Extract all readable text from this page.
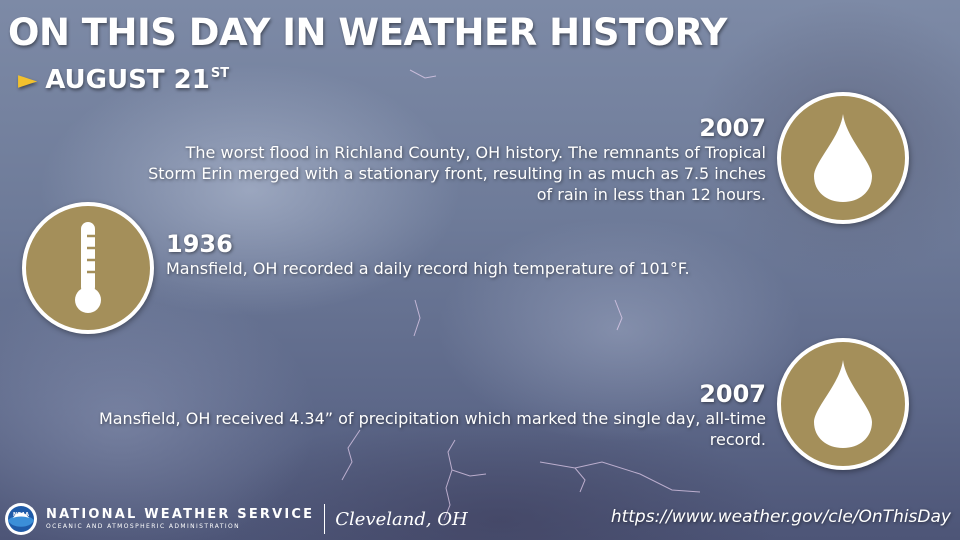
ON THIS DAY IN WEATHER HISTORY
► AUGUST 21 ST
2007
The worst flood in Richland County, OH history. The remnants of Tropical Storm Erin merged with a stationary front, resulting in as much as 7.5 inches of rain in less than 12 hours.
1936
Mansfield, OH recorded a daily record high temperature of 101°F.
2007
Mansfield, OH received 4.34” of precipitation which marked the single day, all-time record.
NOAA NATIONAL WEATHER SERVICE
OCEANIC AND ATMOSPHERIC ADMINISTRATION	Cleveland, OH	https://www.weather.gov/cle/OnThisDay
